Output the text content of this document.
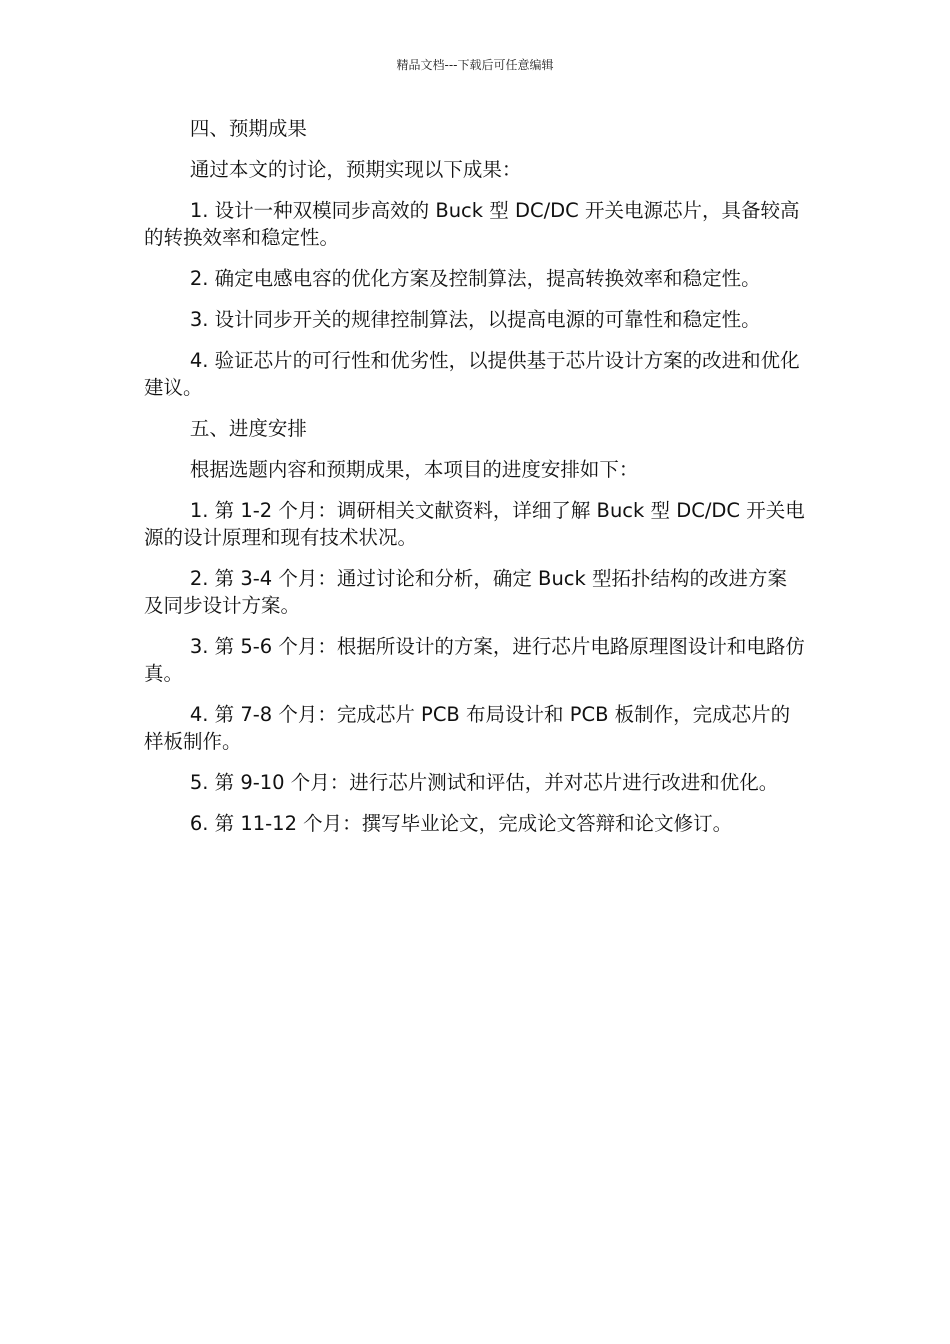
精品文档---下载后可任意编辑

四、预期成果

通过本文的讨论，预期实现以下成果：

1. 设计一种双模同步高效的 Buck 型 DC/DC 开关电源芯片，具备较高的转换效率和稳定性。

2. 确定电感电容的优化方案及控制算法，提高转换效率和稳定性。

3. 设计同步开关的规律控制算法，以提高电源的可靠性和稳定性。

4. 验证芯片的可行性和优劣性，以提供基于芯片设计方案的改进和优化建议。

五、进度安排

根据选题内容和预期成果，本项目的进度安排如下：

1. 第 1-2 个月：调研相关文献资料，详细了解 Buck 型 DC/DC 开关电源的设计原理和现有技术状况。

2. 第 3-4 个月：通过讨论和分析，确定 Buck 型拓扑结构的改进方案及同步设计方案。

3. 第 5-6 个月：根据所设计的方案，进行芯片电路原理图设计和电路仿真。

4. 第 7-8 个月：完成芯片 PCB 布局设计和 PCB 板制作，完成芯片的样板制作。

5. 第 9-10 个月：进行芯片测试和评估，并对芯片进行改进和优化。

6. 第 11-12 个月：撰写毕业论文，完成论文答辩和论文修订。
